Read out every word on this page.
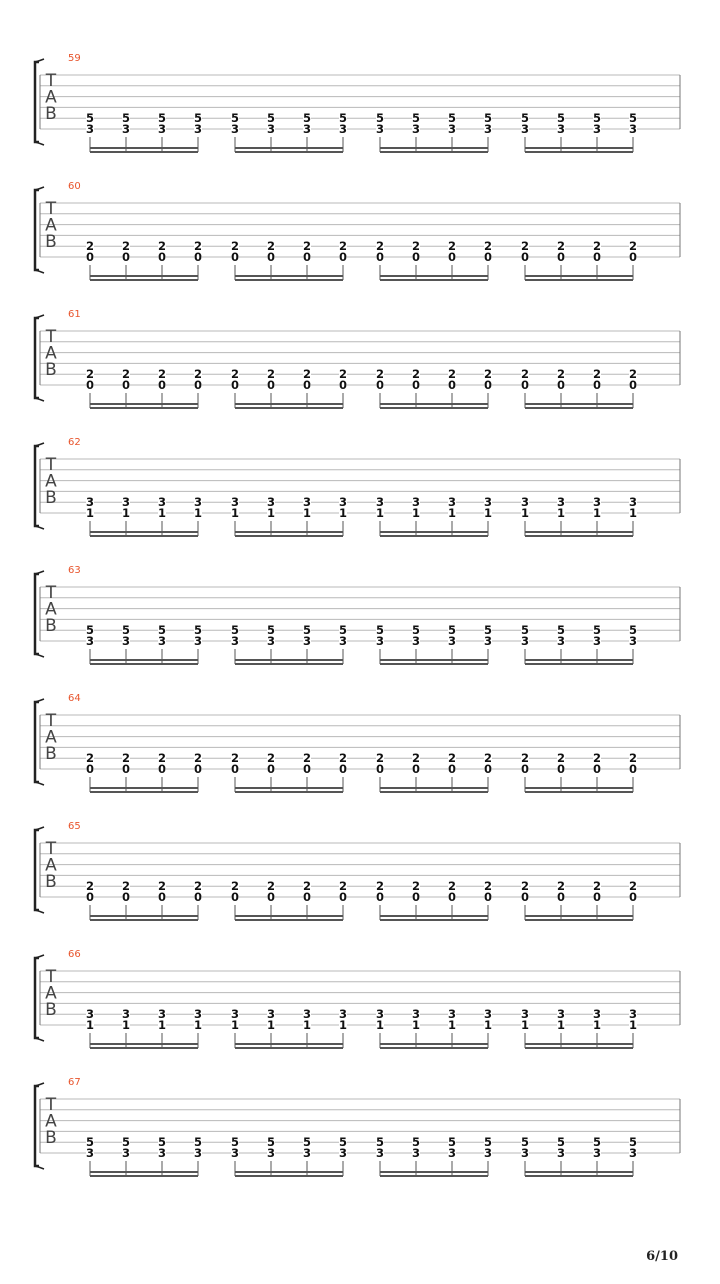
59
T
A
B	5
3
5
3
5
3
5
3
5
3
5
3
5
3
5
3
5
3
5
3
5
3
5
3
5
3
5
3
5
3
5
3
60
T
A
B	2
0
2
0
2
0
2
0
2
0
2
0
2
0
2
0
2
0
2
0
2
0
2
0
2
0
2
0
2
0
2
0
61
T
A
B	2
0
2
0
2
0
2
0
2
0
2
0
2
0
2
0
2
0
2
0
2
0
2
0
2
0
2
0
2
0
2
0
62
T
A
B	3
1
3
1
3
1
3
1
3
1
3
1
3
1
3
1
3
1
3
1
3
1
3
1
3
1
3
1
3
1
3
1
63
T
A
B	5
3
5
3
5
3
5
3
5
3
5
3
5
3
5
3
5
3
5
3
5
3
5
3
5
3
5
3
5
3
5
3
64
T
A
B	2
0
2
0
2
0
2
0
2
0
2
0
2
0
2
0
2
0
2
0
2
0
2
0
2
0
2
0
2
0
2
0
65
T
A
B	2
0
2
0
2
0
2
0
2
0
2
0
2
0
2
0
2
0
2
0
2
0
2
0
2
0
2
0
2
0
2
0
66
T
A
B	3
1
3
1
3
1
3
1
3
1
3
1
3
1
3
1
3
1
3
1
3
1
3
1
3
1
3
1
3
1
3
1
67
T
A
B	5
3
5
3
5
3
5
3
5
3
5
3
5
3
5
3
5
3
5
3
5
3
5
3
5
3
5
3
5
3
5
3
6/10
